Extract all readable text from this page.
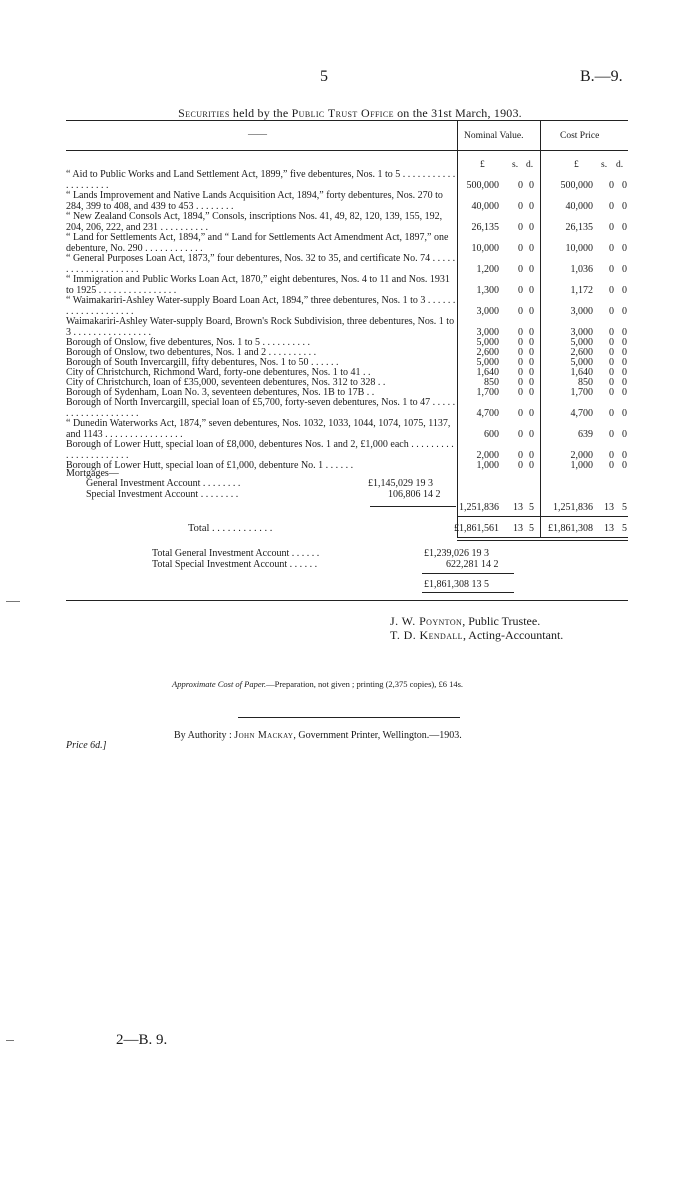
5	B.—9.
Securities held by the Public Trust Office on the 31st March, 1903.
——	Nominal Value.	Cost Price
£	s. d.	£ s. d.
“ Aid to Public Works and Land Settlement Act, 1899,” five debentures, Nos. 1 to 5 . . . . . . . . . . . . . . . . . . . .	500,000 0 0	500,000 0 0
“ Lands Improvement and Native Lands Acquisition Act, 1894,” forty debentures, Nos. 270 to 284, 399 to 408, and 439 to 453 . . . . . . . .	40,000 0 0	40,000 0 0
“ New Zealand Consols Act, 1894,” Consols, inscriptions Nos. 41, 49, 82, 120, 139, 155, 192, 204, 206, 222, and 231 . . . . . . . . . .	26,135 0 0	26,135 0 0
“ Land for Settlements Act, 1894,” and “ Land for Settlements Act Amendment Act, 1897,” one debenture, No. 290 . . . . . . . . . . . .	10,000 0 0	10,000 0 0
“ General Purposes Loan Act, 1873,” four debentures, Nos. 32 to 35, and certificate No. 74 . . . . . . . . . . . . . . . . . . . .	1,200 0 0	1,036 0 0
“ Immigration and Public Works Loan Act, 1870,” eight debentures, Nos. 4 to 11 and Nos. 1931 to 1925 . . . . . . . . . . . . . . . .	1,300 0 0	1,172 0 0
“ Waimakariri-Ashley Water-supply Board Loan Act, 1894,” three debentures, Nos. 1 to 3 . . . . . . . . . . . . . . . . . . . .	3,000 0 0	3,000 0 0
Waimakariri-Ashley Water-supply Board, Brown's Rock Subdivision, three debentures, Nos. 1 to 3 . . . . . . . . . . . . . . . .	3,000 0 0	3,000 0 0
Borough of Onslow, five debentures, Nos. 1 to 5 . . . . . . . . . .	5,000 0 0	5,000 0 0
Borough of Onslow, two debentures, Nos. 1 and 2 . . . . . . . . . .	2,600 0 0	2,600 0 0
Borough of South Invercargill, fifty debentures, Nos. 1 to 50 . . . . . .	5,000 0 0	5,000 0 0
City of Christchurch, Richmond Ward, forty-one debentures, Nos. 1 to 41 . .	1,640 0 0	1,640 0 0
City of Christchurch, loan of £35,000, seventeen debentures, Nos. 312 to 328 . .	850 0 0	850 0 0
Borough of Sydenham, Loan No. 3, seventeen debentures, Nos. 1B to 17B . .	1,700 0 0	1,700 0 0
Borough of North Invercargill, special loan of £5,700, forty-seven debentures, Nos. 1 to 47 . . . . . . . . . . . . . . . . . . . .	4,700 0 0	4,700 0 0
“ Dunedin Waterworks Act, 1874,” seven debentures, Nos. 1032, 1033, 1044, 1074, 1075, 1137, and 1143 . . . . . . . . . . . . . . . .	600 0 0	639 0 0
Borough of Lower Hutt, special loan of £8,000, debentures Nos. 1 and 2, £1,000 each . . . . . . . . . . . . . . . . . . . . . .	2,000 0 0	2,000 0 0
Borough of Lower Hutt, special loan of £1,000, debenture No. 1 . . . . . .	1,000 0 0	1,000 0 0
Mortgages—
General Investment Account . . . . . . . .	£1,145,029 19 3
Special Investment Account . . . . . . . .	106,806 14 2
1,251,836 13 5 1,251,836 13 5
Total . . . . . . . . . . . .	£1,861,561 13 5 £1,861,308 13 5
Total General Investment Account . . . . . .	£1,239,026 19 3
Total Special Investment Account . . . . . .	622,281 14 2
£1,861,308 13 5
J. W. Poynton, Public Trustee.
T. D. Kendall, Acting-Accountant.
Approximate Cost of Paper.—Preparation, not given ; printing (2,375 copies), £6 14s.
By Authority : John Mackay, Government Printer, Wellington.—1903.
Price 6d.]
2—B. 9.
